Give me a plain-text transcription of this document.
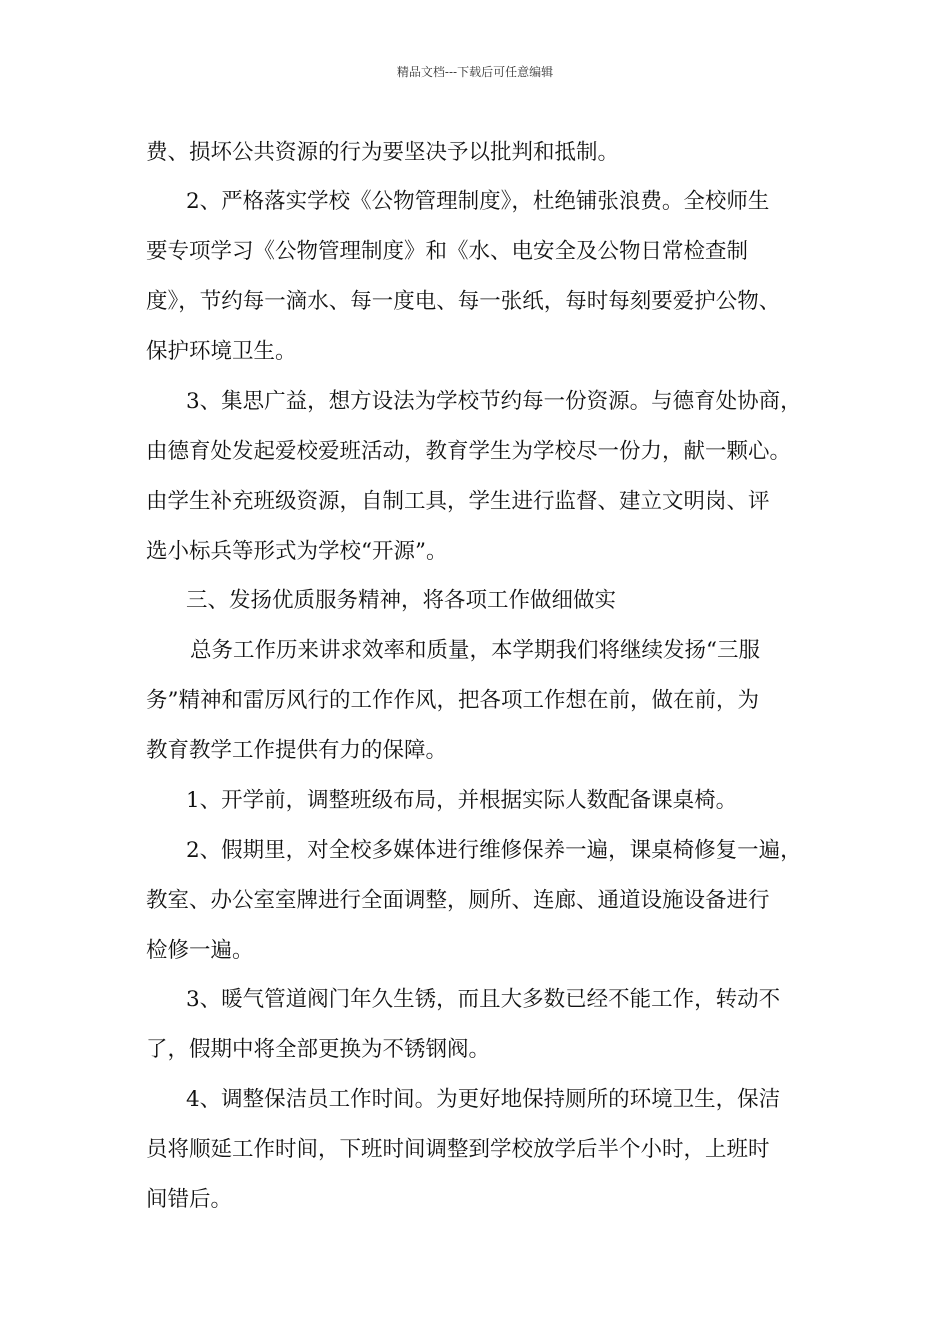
精品文档---下载后可任意编辑
费、损坏公共资源的行为要坚决予以批判和抵制。
2、严格落实学校《公物管理制度》，杜绝铺张浪费。全校师生
要专项学习《公物管理制度》和《水、电安全及公物日常检查制
度》，节约每一滴水、每一度电、每一张纸，每时每刻要爱护公物、
保护环境卫生。
3、集思广益，想方设法为学校节约每一份资源。与德育处协商，
由德育处发起爱校爱班活动，教育学生为学校尽一份力，献一颗心。
由学生补充班级资源，自制工具，学生进行监督、建立文明岗、评
选小标兵等形式为学校“开源”。
三、发扬优质服务精神，将各项工作做细做实
总务工作历来讲求效率和质量，本学期我们将继续发扬“三服
务”精神和雷厉风行的工作作风，把各项工作想在前，做在前，为
教育教学工作提供有力的保障。
1、开学前，调整班级布局，并根据实际人数配备课桌椅。
2、假期里，对全校多媒体进行维修保养一遍，课桌椅修复一遍，
教室、办公室室牌进行全面调整，厕所、连廊、通道设施设备进行
检修一遍。
3、暖气管道阀门年久生锈，而且大多数已经不能工作，转动不
了，假期中将全部更换为不锈钢阀。
4、调整保洁员工作时间。为更好地保持厕所的环境卫生，保洁
员将顺延工作时间，下班时间调整到学校放学后半个小时，上班时
间错后。
